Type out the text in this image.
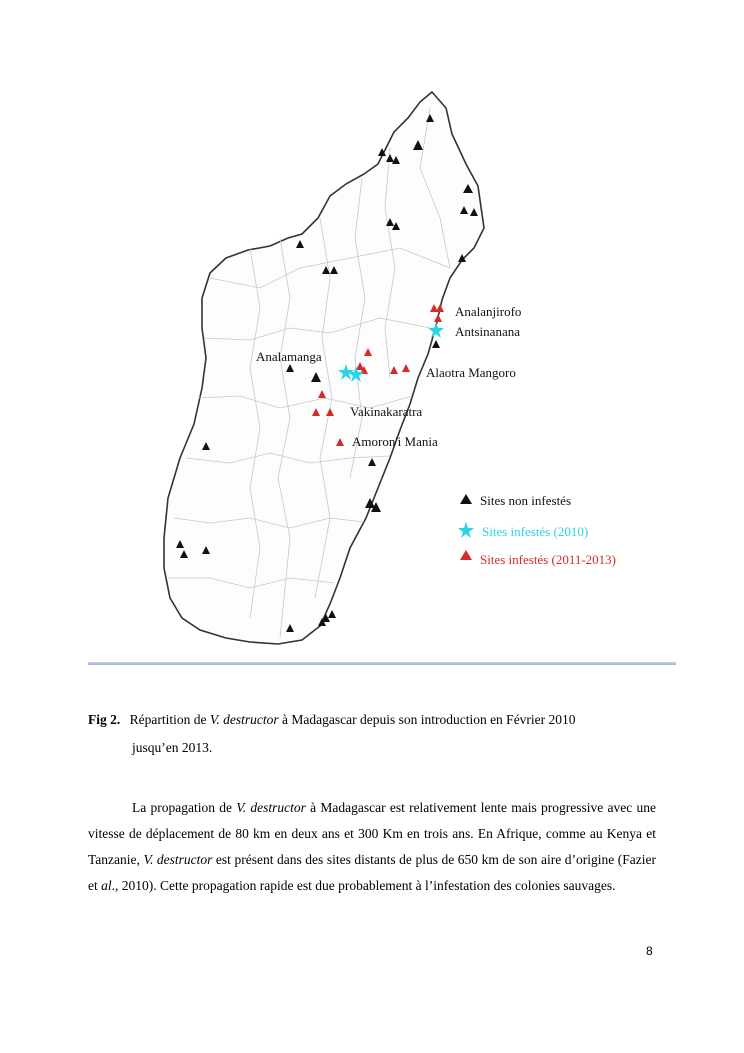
Analanjirofo
Antsinanana
Analamanga
Alaotra Mangoro
Vakinakaratra
Amoron'i Mania
Sites non infestés
Sites infestés (2010)
Sites infestés (2011-2013)
Fig 2. Répartition de V. destructor à Madagascar depuis son introduction en Février 2010
jusqu’en 2013.
La propagation de V. destructor à Madagascar est relativement lente mais progressive avec une vitesse de déplacement de 80 km en deux ans et 300 Km en trois ans. En Afrique, comme au Kenya et Tanzanie, V. destructor est présent dans des sites distants de plus de 650 km de son aire d’origine (Fazier et al., 2010). Cette propagation rapide est due probablement à l’infestation des colonies sauvages.
8
